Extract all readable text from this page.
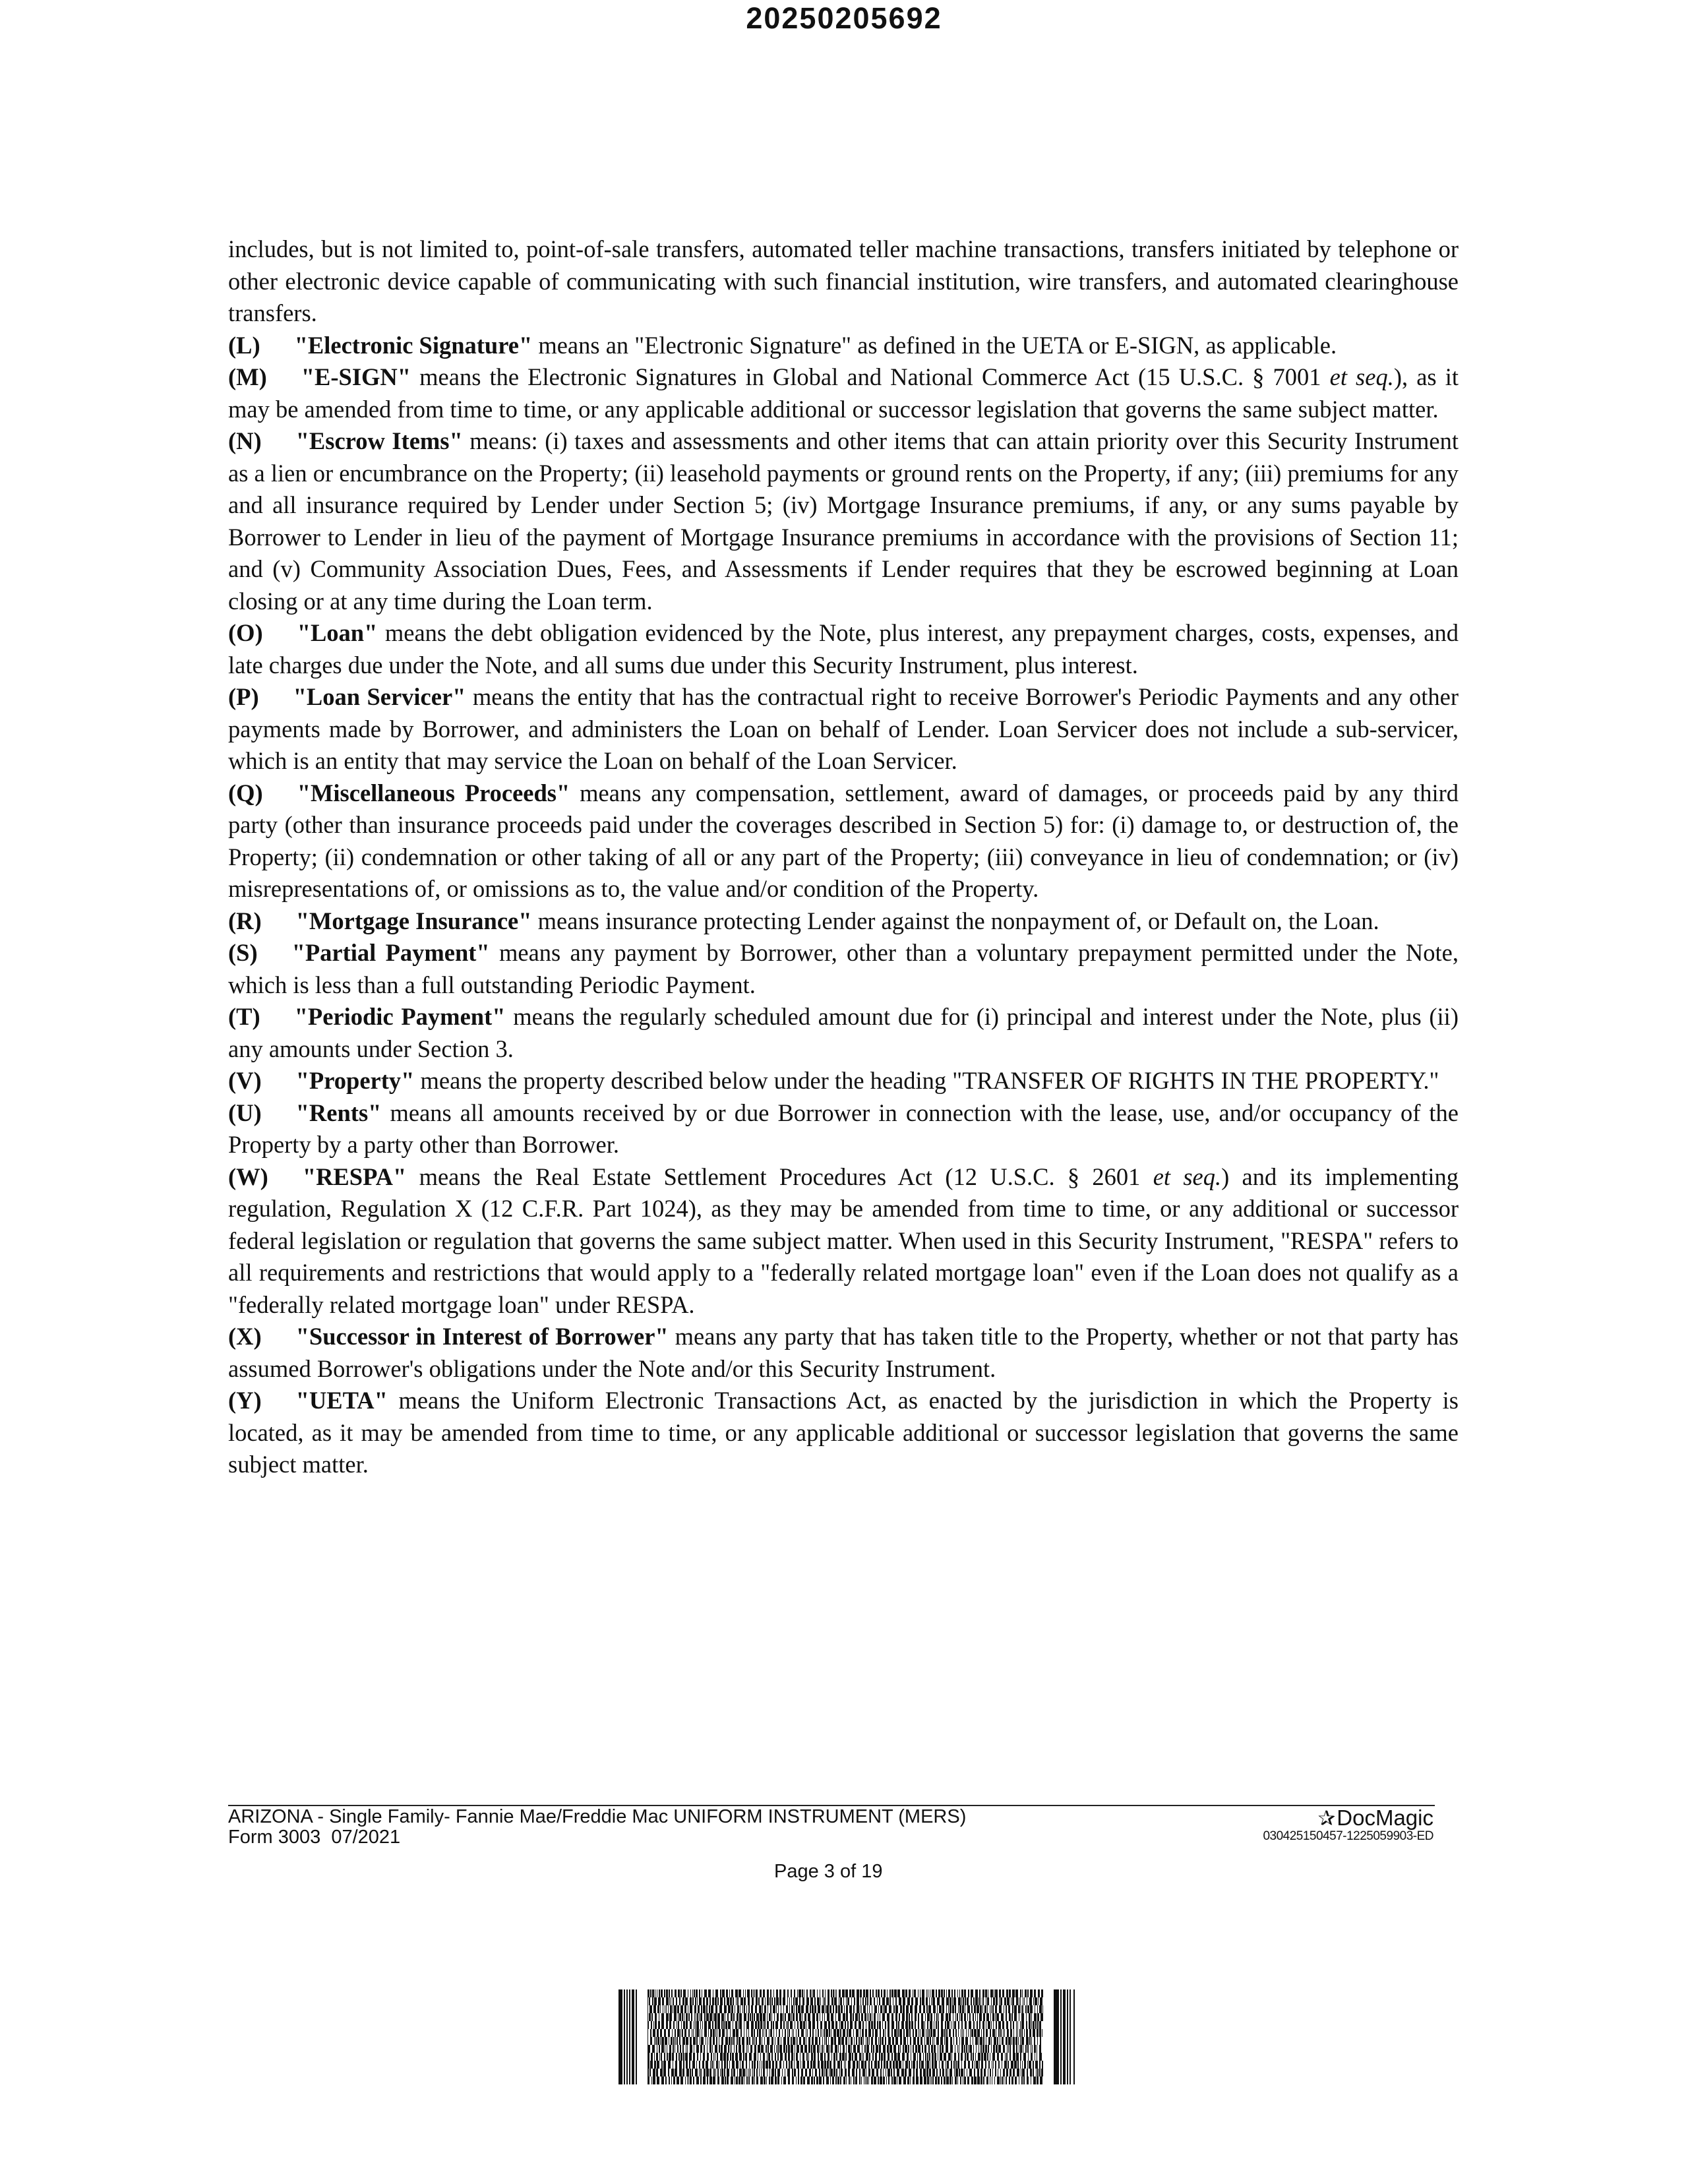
20250205692

includes, but is not limited to, point-of-sale transfers, automated teller machine transactions, transfers initiated by telephone or other electronic device capable of communicating with such financial institution, wire transfers, and automated clearinghouse transfers.

(L) "Electronic Signature" means an "Electronic Signature" as defined in the UETA or E-SIGN, as applicable.

(M) "E-SIGN" means the Electronic Signatures in Global and National Commerce Act (15 U.S.C. § 7001 et seq.), as it may be amended from time to time, or any applicable additional or successor legislation that governs the same subject matter.

(N) "Escrow Items" means: (i) taxes and assessments and other items that can attain priority over this Security Instrument as a lien or encumbrance on the Property; (ii) leasehold payments or ground rents on the Property, if any; (iii) premiums for any and all insurance required by Lender under Section 5; (iv) Mortgage Insurance premiums, if any, or any sums payable by Borrower to Lender in lieu of the payment of Mortgage Insurance premiums in accordance with the provisions of Section 11; and (v) Community Association Dues, Fees, and Assessments if Lender requires that they be escrowed beginning at Loan closing or at any time during the Loan term.

(O) "Loan" means the debt obligation evidenced by the Note, plus interest, any prepayment charges, costs, expenses, and late charges due under the Note, and all sums due under this Security Instrument, plus interest.

(P) "Loan Servicer" means the entity that has the contractual right to receive Borrower's Periodic Payments and any other payments made by Borrower, and administers the Loan on behalf of Lender. Loan Servicer does not include a sub-servicer, which is an entity that may service the Loan on behalf of the Loan Servicer.

(Q) "Miscellaneous Proceeds" means any compensation, settlement, award of damages, or proceeds paid by any third party (other than insurance proceeds paid under the coverages described in Section 5) for: (i) damage to, or destruction of, the Property; (ii) condemnation or other taking of all or any part of the Property; (iii) conveyance in lieu of condemnation; or (iv) misrepresentations of, or omissions as to, the value and/or condition of the Property.

(R) "Mortgage Insurance" means insurance protecting Lender against the nonpayment of, or Default on, the Loan.

(S) "Partial Payment" means any payment by Borrower, other than a voluntary prepayment permitted under the Note, which is less than a full outstanding Periodic Payment.

(T) "Periodic Payment" means the regularly scheduled amount due for (i) principal and interest under the Note, plus (ii) any amounts under Section 3.

(V) "Property" means the property described below under the heading "TRANSFER OF RIGHTS IN THE PROPERTY."

(U) "Rents" means all amounts received by or due Borrower in connection with the lease, use, and/or occupancy of the Property by a party other than Borrower.

(W) "RESPA" means the Real Estate Settlement Procedures Act (12 U.S.C. § 2601 et seq.) and its implementing regulation, Regulation X (12 C.F.R. Part 1024), as they may be amended from time to time, or any additional or successor federal legislation or regulation that governs the same subject matter. When used in this Security Instrument, "RESPA" refers to all requirements and restrictions that would apply to a "federally related mortgage loan" even if the Loan does not qualify as a "federally related mortgage loan" under RESPA.

(X) "Successor in Interest of Borrower" means any party that has taken title to the Property, whether or not that party has assumed Borrower's obligations under the Note and/or this Security Instrument.

(Y) "UETA" means the Uniform Electronic Transactions Act, as enacted by the jurisdiction in which the Property is located, as it may be amended from time to time, or any applicable additional or successor legislation that governs the same subject matter.

ARIZONA - Single Family- Fannie Mae/Freddie Mac UNIFORM INSTRUMENT (MERS)
Form 3003  07/2021
✰DocMagic
030425150457-1225059903-ED
Page 3 of 19
